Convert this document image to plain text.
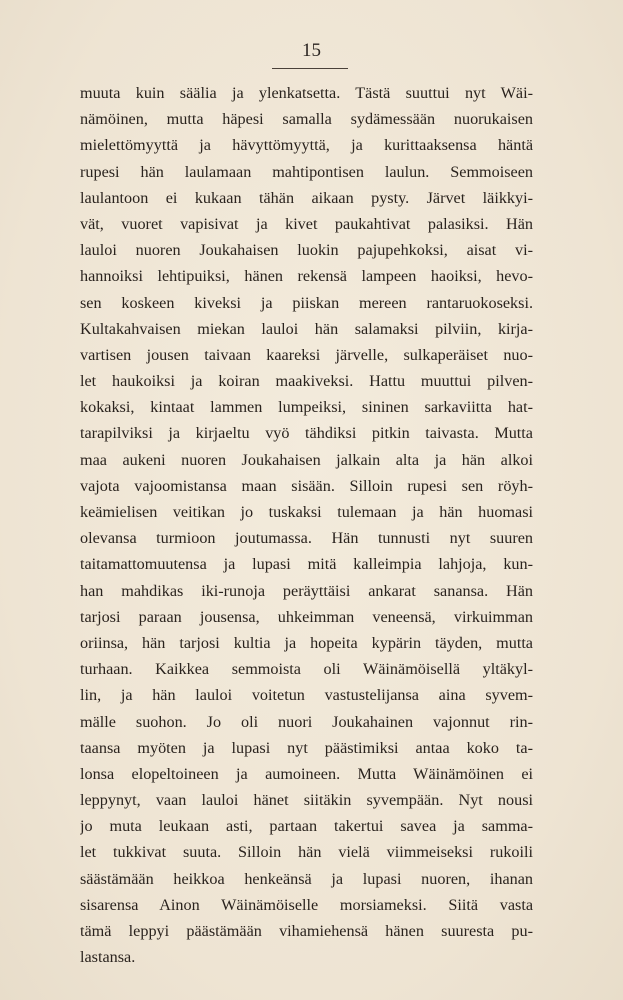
15
muuta kuin säälia ja ylenkatsetta. Tästä suuttui nyt Wäi-
nämöinen, mutta häpesi samalla sydämessään nuorukaisen
mielettömyyttä ja hävyttömyyttä, ja kurittaaksensa häntä
rupesi hän laulamaan mahtipontisen laulun. Semmoiseen
laulantoon ei kukaan tähän aikaan pysty. Järvet läikkyi-
vät, vuoret vapisivat ja kivet paukahtivat palasiksi. Hän
lauloi nuoren Joukahaisen luokin pajupehkoksi, aisat vi-
hannoiksi lehtipuiksi, hänen rekensä lampeen haoiksi, hevo-
sen koskeen kiveksi ja piiskan mereen rantaruokoseksi.
Kultakahvaisen miekan lauloi hän salamaksi pilviin, kirja-
vartisen jousen taivaan kaareksi järvelle, sulkaperäiset nuo-
let haukoiksi ja koiran maakiveksi. Hattu muuttui pilven-
kokaksi, kintaat lammen lumpeiksi, sininen sarkaviitta hat-
tarapilviksi ja kirjaeltu vyö tähdiksi pitkin taivasta. Mutta
maa aukeni nuoren Joukahaisen jalkain alta ja hän alkoi
vajota vajoomistansa maan sisään. Silloin rupesi sen röyh-
keämielisen veitikan jo tuskaksi tulemaan ja hän huomasi
olevansa turmioon joutumassa. Hän tunnusti nyt suuren
taitamattomuutensa ja lupasi mitä kalleimpia lahjoja, kun-
han mahdikas iki-runoja peräyttäisi ankarat sanansa. Hän
tarjosi paraan jousensa, uhkeimman veneensä, virkuimman
oriinsa, hän tarjosi kultia ja hopeita kypärin täyden, mutta
turhaan. Kaikkea semmoista oli Wäinämöisellä yltäkyl-
lin, ja hän lauloi voitetun vastustelijansa aina syvem-
mälle suohon. Jo oli nuori Joukahainen vajonnut rin-
taansa myöten ja lupasi nyt päästimiksi antaa koko ta-
lonsa elopeltoineen ja aumoineen. Mutta Wäinämöinen ei
leppynyt, vaan lauloi hänet siitäkin syvempään. Nyt nousi
jo muta leukaan asti, partaan takertui savea ja samma-
let tukkivat suuta. Silloin hän vielä viimmeiseksi rukoili
säästämään heikkoa henkeänsä ja lupasi nuoren, ihanan
sisarensa Ainon Wäinämöiselle morsiameksi. Siitä vasta
tämä leppyi päästämään vihamiehensä hänen suuresta pu-
lastansa.
